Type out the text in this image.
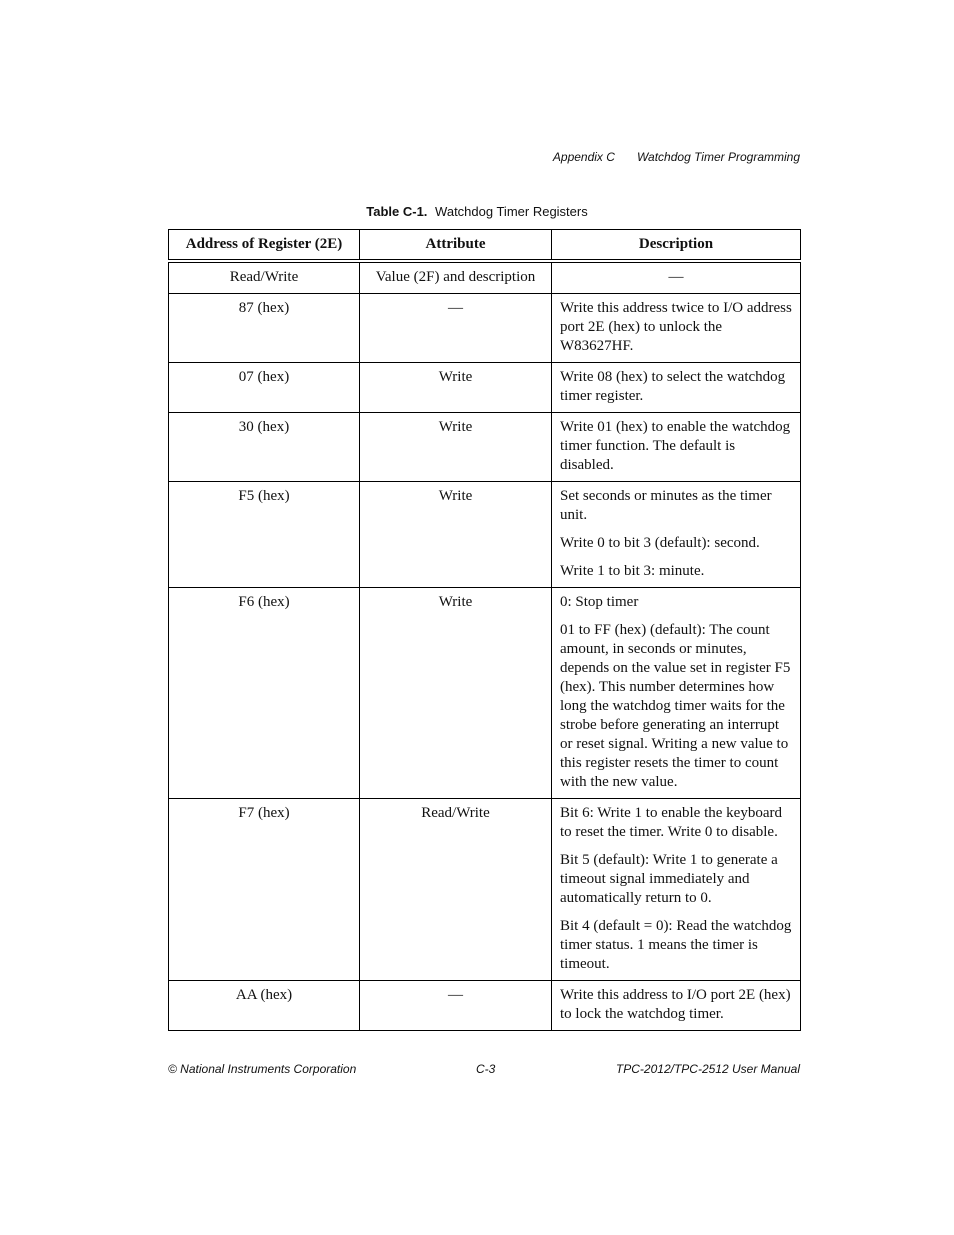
Appendix C Watchdog Timer Programming
Table C-1. Watchdog Timer Registers
Address of Register (2E)	Attribute	Description
Read/Write	Value (2F) and description	—

87 (hex)	—	Write this address twice to I/O address port 2E (hex) to unlock the W83627HF.

07 (hex)	Write	Write 08 (hex) to select the watchdog timer register.

30 (hex)	Write	Write 01 (hex) to enable the watchdog timer function. The default is disabled.

F5 (hex)	Write	Set seconds or minutes as the timer unit.

Write 0 to bit 3 (default): second.

Write 1 to bit 3: minute.

F6 (hex)	Write	0: Stop timer

01 to FF (hex) (default): The count amount, in seconds or minutes, depends on the value set in register F5 (hex). This number determines how long the watchdog timer waits for the strobe before generating an interrupt or reset signal. Writing a new value to this register resets the timer to count with the new value.

F7 (hex)	Read/Write	Bit 6: Write 1 to enable the keyboard to reset the timer. Write 0 to disable.

Bit 5 (default): Write 1 to generate a timeout signal immediately and automatically return to 0.

Bit 4 (default = 0): Read the watchdog timer status. 1 means the timer is timeout.

AA (hex)	—	Write this address to I/O port 2E (hex) to lock the watchdog timer.

© National Instruments Corporation	C-3	TPC-2012/TPC-2512 User Manual
